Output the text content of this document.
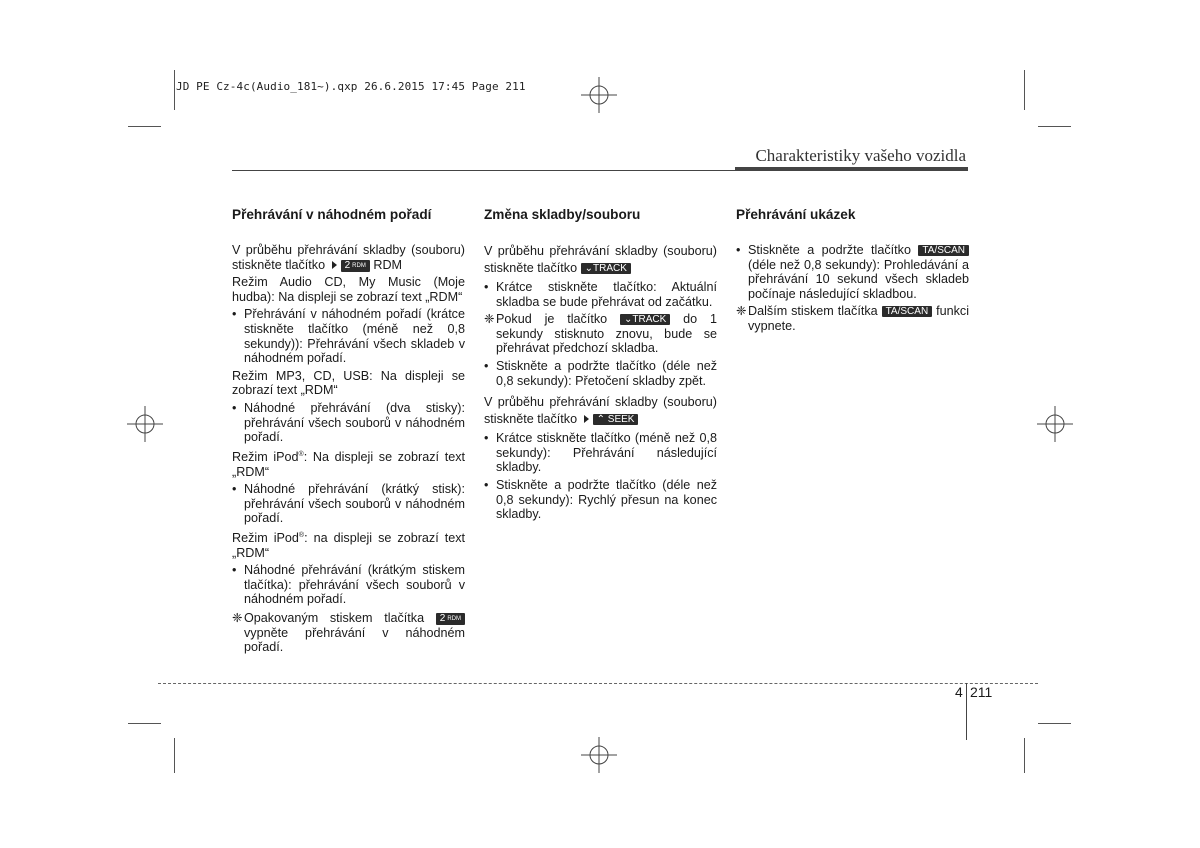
JD PE Cz-4c(Audio_181~).qxp 26.6.2015 17:45 Page 211
Charakteristiky vašeho vozidla
Přehrávání v náhodném pořadí

V průběhu přehrávání skladby (souboru) stiskněte tlačítko 2 RDM RDM

Režim Audio CD, My Music (Moje hudba): Na displeji se zobrazí text „RDM“

• Přehrávání v náhodném pořadí (krátce stiskněte tlačítko (méně než 0,8 sekundy)): Přehrávání všech skladeb v náhodném pořadí.

Režim MP3, CD, USB: Na displeji se zobrazí text „RDM“

• Náhodné přehrávání (dva stisky): přehrávání všech souborů v náhodném pořadí.

Režim iPod®: Na displeji se zobrazí text „RDM“

• Náhodné přehrávání (krátký stisk): přehrávání všech souborů v náhodném pořadí.

Režim iPod®: na displeji se zobrazí text „RDM“

• Náhodné přehrávání (krátkým stiskem tlačítka): přehrávání všech souborů v náhodném pořadí.
❈ Opakovaným stiskem tlačítka 2 RDM vypněte přehrávání v náhodném pořadí.
Změna skladby/souboru

V průběhu přehrávání skladby (souboru) stiskněte tlačítko ⌄TRACK

• Krátce stiskněte tlačítko: Aktuální skladba se bude přehrávat od začátku.
❈ Pokud je tlačítko ⌄TRACK do 1 sekundy stisknuto znovu, bude se přehrávat předchozí skladba.
• Stiskněte a podržte tlačítko (déle než 0,8 sekundy): Přetočení skladby zpět.

V průběhu přehrávání skladby (souboru) stiskněte tlačítko ⌃ SEEK

• Krátce stiskněte tlačítko (méně než 0,8 sekundy): Přehrávání následující skladby.
• Stiskněte a podržte tlačítko (déle než 0,8 sekundy): Rychlý přesun na konec skladby.
Přehrávání ukázek
• Stiskněte a podržte tlačítko TA/SCAN (déle než 0,8 sekundy): Prohledávání a přehrávání 10 sekund všech skladeb počínaje následující skladbou.
❈ Dalším stiskem tlačítka TA/SCAN funkci vypnete.
4 211
